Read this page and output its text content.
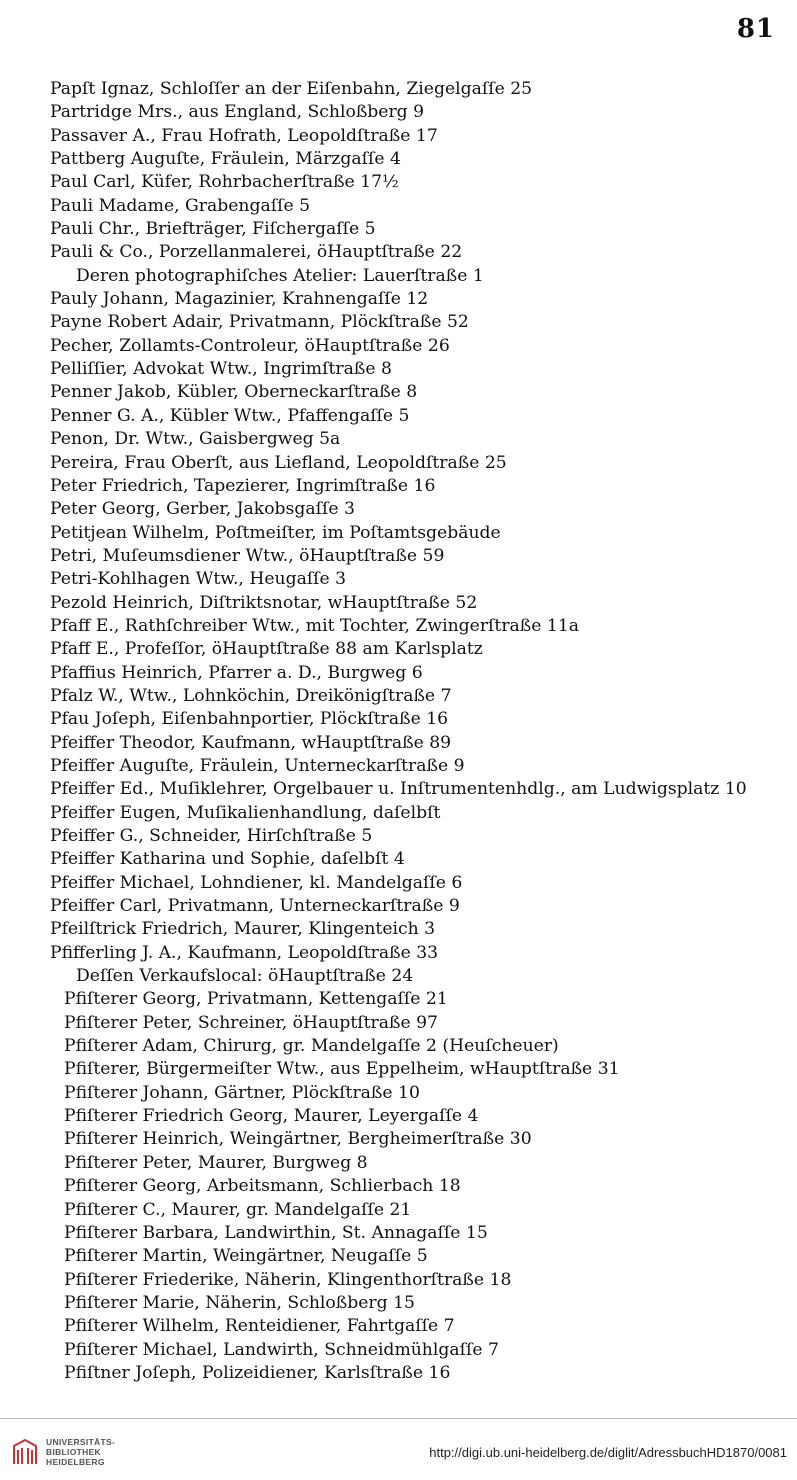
81
Papſt Ignaz, Schloſſer an der Eiſenbahn, Ziegelgaſſe 25
Partridge Mrs., aus England, Schloßberg 9
Passaver A., Frau Hofrath, Leopoldſtraße 17
Pattberg Auguſte, Fräulein, Märzgaſſe 4
Paul Carl, Küfer, Rohrbacherſtraße 17½
Pauli Madame, Grabengaſſe 5
Pauli Chr., Briefträger, Fiſchergaſſe 5
Pauli & Co., Porzellanmalerei, öHauptſtraße 22
Deren photographiſches Atelier: Lauerſtraße 1
Pauly Johann, Magazinier, Krahnengaſſe 12
Payne Robert Adair, Privatmann, Plöckſtraße 52
Pecher, Zollamts-Controleur, öHauptſtraße 26
Pelliſſier, Advokat Wtw., Ingrimſtraße 8
Penner Jakob, Kübler, Oberneckarſtraße 8
Penner G. A., Kübler Wtw., Pfaffengaſſe 5
Penon, Dr. Wtw., Gaisbergweg 5a
Pereira, Frau Oberſt, aus Liefland, Leopoldſtraße 25
Peter Friedrich, Tapezierer, Ingrimſtraße 16
Peter Georg, Gerber, Jakobsgaſſe 3
Petitjean Wilhelm, Poſtmeiſter, im Poſtamtsgebäude
Petri, Muſeumsdiener Wtw., öHauptſtraße 59
Petri-Kohlhagen Wtw., Heugaſſe 3
Pezold Heinrich, Diſtriktsnotar, wHauptſtraße 52
Pfaff E., Rathſchreiber Wtw., mit Tochter, Zwingerſtraße 11a
Pfaff E., Profeſſor, öHauptſtraße 88 am Karlsplatz
Pfaffius Heinrich, Pfarrer a. D., Burgweg 6
Pfalz W., Wtw., Lohnköchin, Dreikönigſtraße 7
Pfau Joſeph, Eiſenbahnportier, Plöckſtraße 16
Pfeiffer Theodor, Kaufmann, wHauptſtraße 89
Pfeiffer Auguſte, Fräulein, Unterneckarſtraße 9
Pfeiffer Ed., Muſiklehrer, Orgelbauer u. Inſtrumentenhdlg., am Ludwigsplatz 10
Pfeiffer Eugen, Muſikalienhandlung, daſelbſt
Pfeiffer G., Schneider, Hirſchſtraße 5
Pfeiffer Katharina und Sophie, daſelbſt 4
Pfeiffer Michael, Lohndiener, kl. Mandelgaſſe 6
Pfeiffer Carl, Privatmann, Unterneckarſtraße 9
Pfeilſtrick Friedrich, Maurer, Klingenteich 3
Pfifferling J. A., Kaufmann, Leopoldſtraße 33
Deſſen Verkaufslocal: öHauptſtraße 24
Pfiſterer Georg, Privatmann, Kettengaſſe 21
Pfiſterer Peter, Schreiner, öHauptſtraße 97
Pfiſterer Adam, Chirurg, gr. Mandelgaſſe 2 (Heuſcheuer)
Pfiſterer, Bürgermeiſter Wtw., aus Eppelheim, wHauptſtraße 31
Pfiſterer Johann, Gärtner, Plöckſtraße 10
Pfiſterer Friedrich Georg, Maurer, Leyergaſſe 4
Pfiſterer Heinrich, Weingärtner, Bergheimerſtraße 30
Pfiſterer Peter, Maurer, Burgweg 8
Pfiſterer Georg, Arbeitsmann, Schlierbach 18
Pfiſterer C., Maurer, gr. Mandelgaſſe 21
Pfiſterer Barbara, Landwirthin, St. Annagaſſe 15
Pfiſterer Martin, Weingärtner, Neugaſſe 5
Pfiſterer Friederike, Näherin, Klingenthorſtraße 18
Pfiſterer Marie, Näherin, Schloßberg 15
Pfiſterer Wilhelm, Renteidiener, Fahrtgaſſe 7
Pfiſterer Michael, Landwirth, Schneidmühlgaſſe 7
Pfiſtner Joſeph, Polizeidiener, Karlsſtraße 16
UNIVERSITÄTS-
BIBLIOTHEK
HEIDELBERG
http://digi.ub.uni-heidelberg.de/diglit/AdressbuchHD1870/0081
